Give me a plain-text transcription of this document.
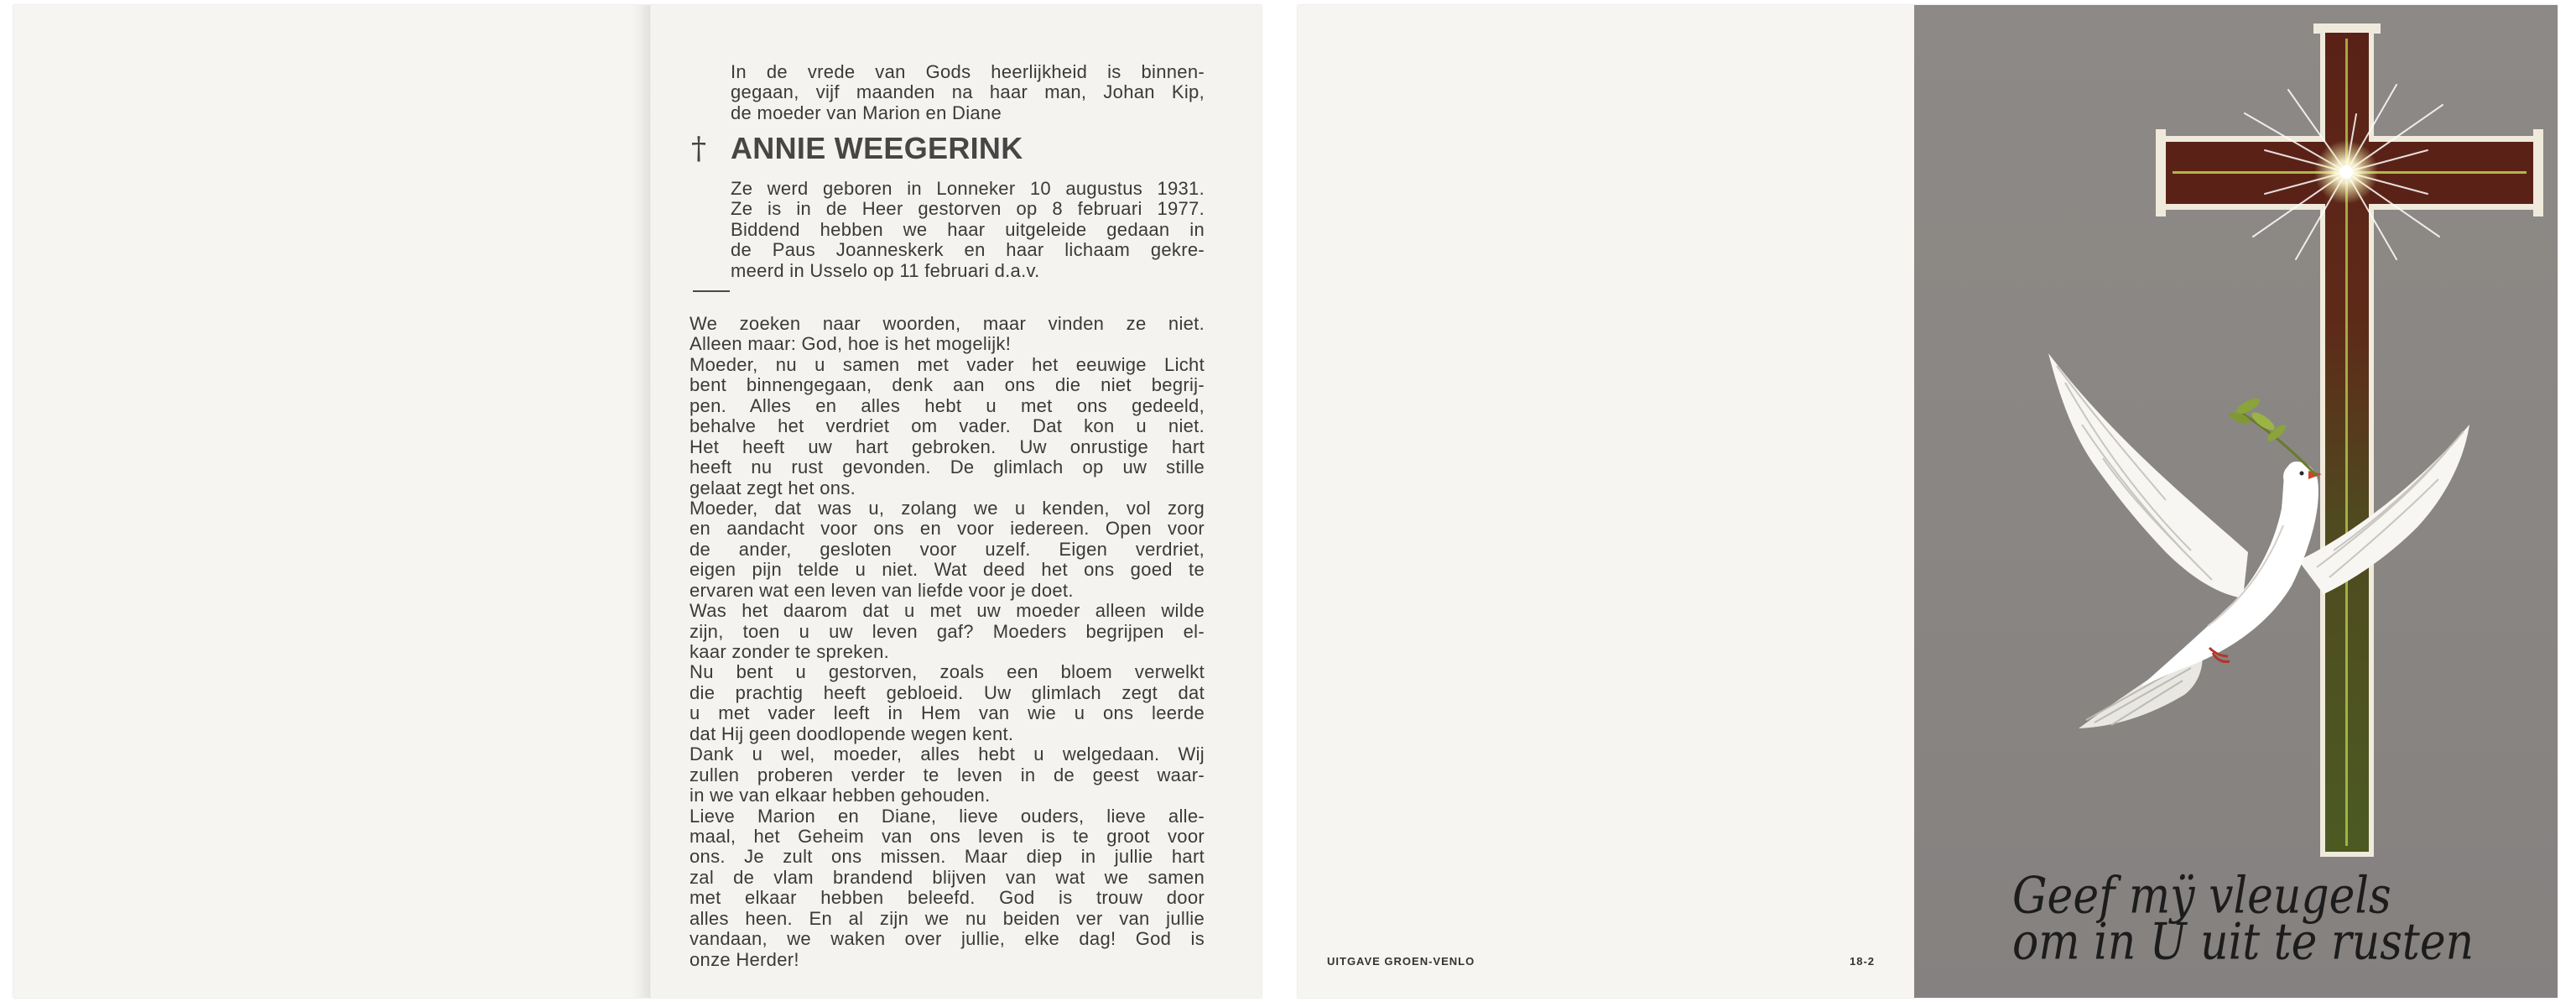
In de vrede van Gods heerlijkheid is binnen-
gegaan, vijf maanden na haar man, Johan Kip,
de moeder van Marion en Diane
† ANNIE WEEGERINK
Ze werd geboren in Lonneker 10 augustus 1931.
Ze is in de Heer gestorven op 8 februari 1977.
Biddend hebben we haar uitgeleide gedaan in
de Paus Joanneskerk en haar lichaam gekre-
meerd in Usselo op 11 februari d.a.v.
We zoeken naar woorden, maar vinden ze niet.
Alleen maar: God, hoe is het mogelijk!
Moeder, nu u samen met vader het eeuwige Licht
bent binnengegaan, denk aan ons die niet begrij-
pen. Alles en alles hebt u met ons gedeeld,
behalve het verdriet om vader. Dat kon u niet.
Het heeft uw hart gebroken. Uw onrustige hart
heeft nu rust gevonden. De glimlach op uw stille
gelaat zegt het ons.
Moeder, dat was u, zolang we u kenden, vol zorg
en aandacht voor ons en voor iedereen. Open voor
de ander, gesloten voor uzelf. Eigen verdriet,
eigen pijn telde u niet. Wat deed het ons goed te
ervaren wat een leven van liefde voor je doet.
Was het daarom dat u met uw moeder alleen wilde
zijn, toen u uw leven gaf? Moeders begrijpen el-
kaar zonder te spreken.
Nu bent u gestorven, zoals een bloem verwelkt
die prachtig heeft gebloeid. Uw glimlach zegt dat
u met vader leeft in Hem van wie u ons leerde
dat Hij geen doodlopende wegen kent.
Dank u wel, moeder, alles hebt u welgedaan. Wij
zullen proberen verder te leven in de geest waar-
in we van elkaar hebben gehouden.
Lieve Marion en Diane, lieve ouders, lieve alle-
maal, het Geheim van ons leven is te groot voor
ons. Je zult ons missen. Maar diep in jullie hart
zal de vlam brandend blijven van wat we samen
met elkaar hebben beleefd. God is trouw door
alles heen. En al zijn we nu beiden ver van jullie
vandaan, we waken over jullie, elke dag! God is
onze Herder!	UITGAVE GROEN-VENLO	18-2
Geef mÿ vleugels
om in U uit te rusten
